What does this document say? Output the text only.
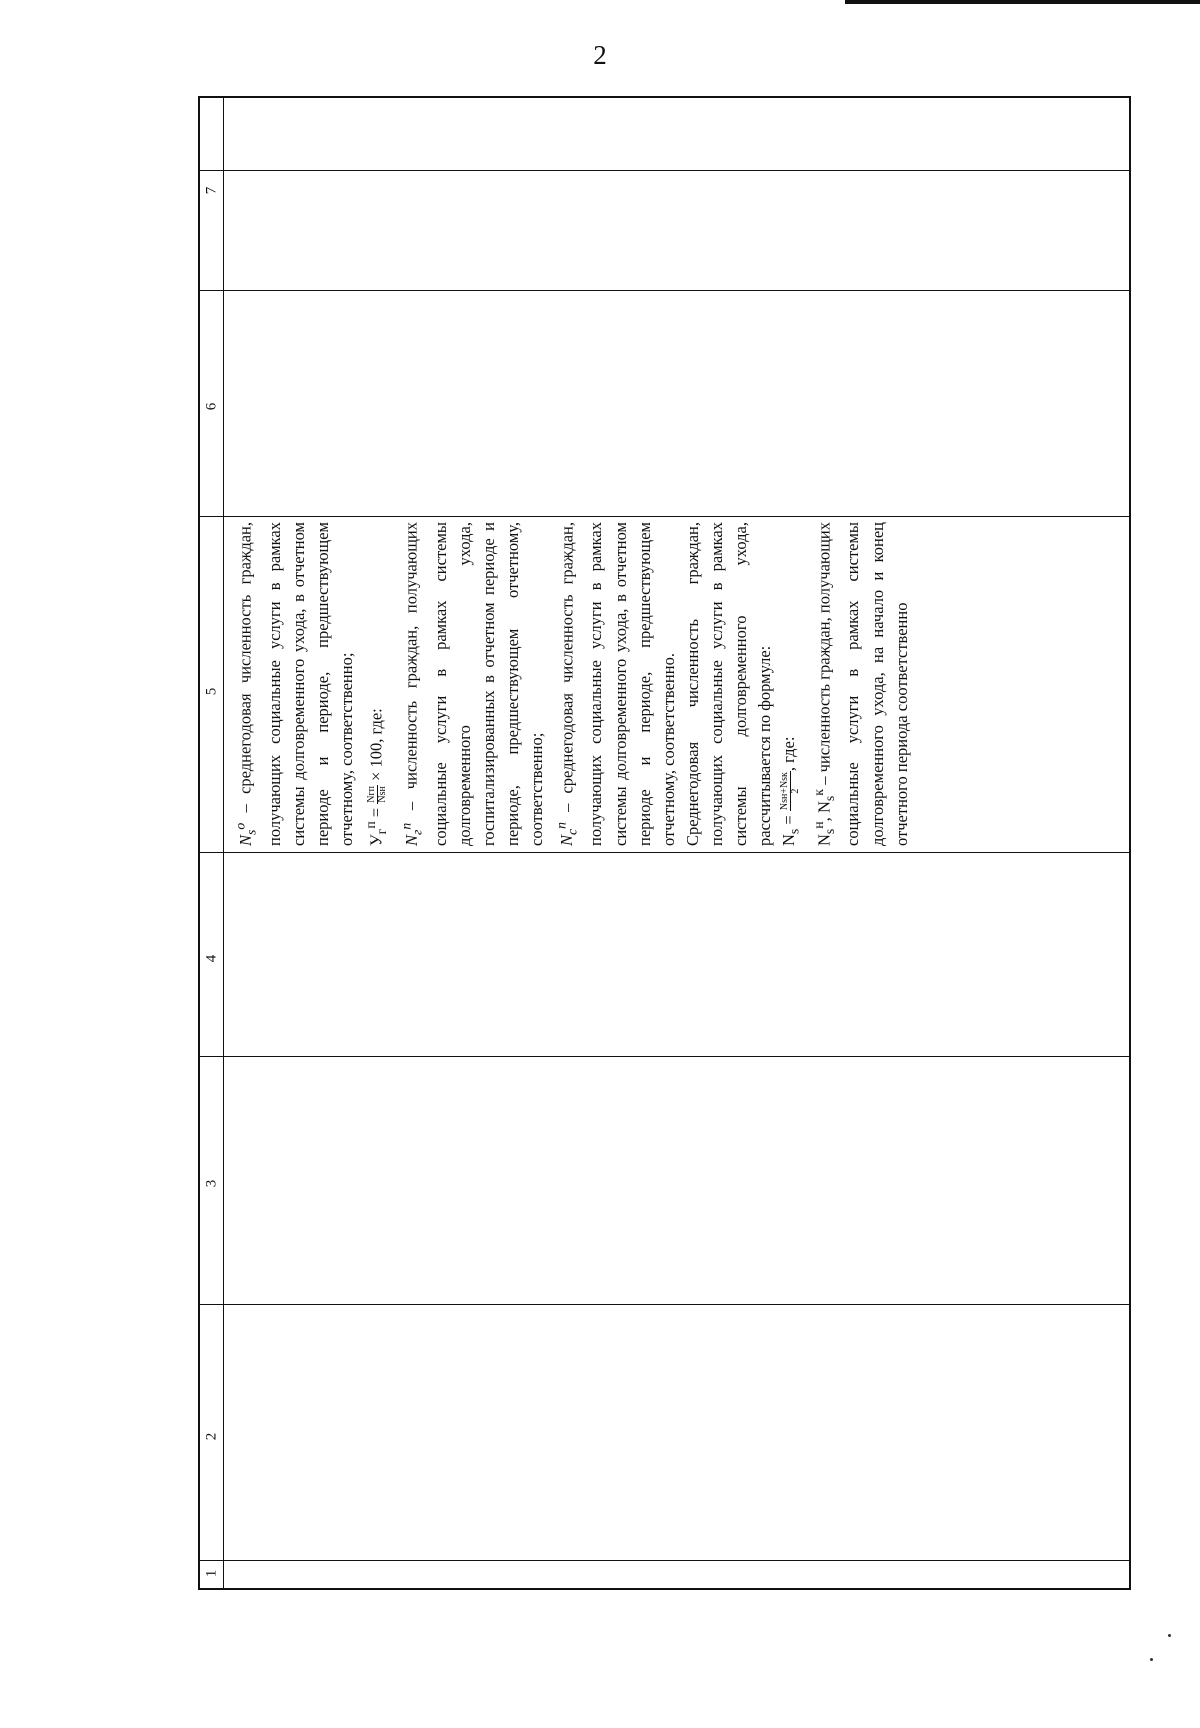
2
7
6
5
4
3
2
1

$N_s^o$ – среднегодовая численность граждан, получающих социальные услуги в рамках системы долговременного ухода, в отчетном периоде и периоде, предшествующем отчетному, соответственно; $У_г^п$ =
Nгп Nsн
× 100, где:

$N_г^п$ – численность граждан, получающих социальные услуги в рамках системы долговременного ухода, госпитализированных в отчетном периоде и периоде, предшествующем отчетному, соответственно; $N_с^п$ – среднегодовая численность граждан, получающих социальные услуги в рамках системы долговременного ухода, в отчетном периоде и периоде, предшествующем отчетному, соответственно. Среднегодовая численность граждан, получающих социальные услуги в рамках системы долговременного ухода, рассчитывается по формуле: $N_s$ =
Nsн+Nsк 2
, где:

$N_s^н$, $N_s^к$ – численность граждан, получающих социальные услуги в рамках системы долговременного ухода, на начало и конец отчетного периода соответственно
